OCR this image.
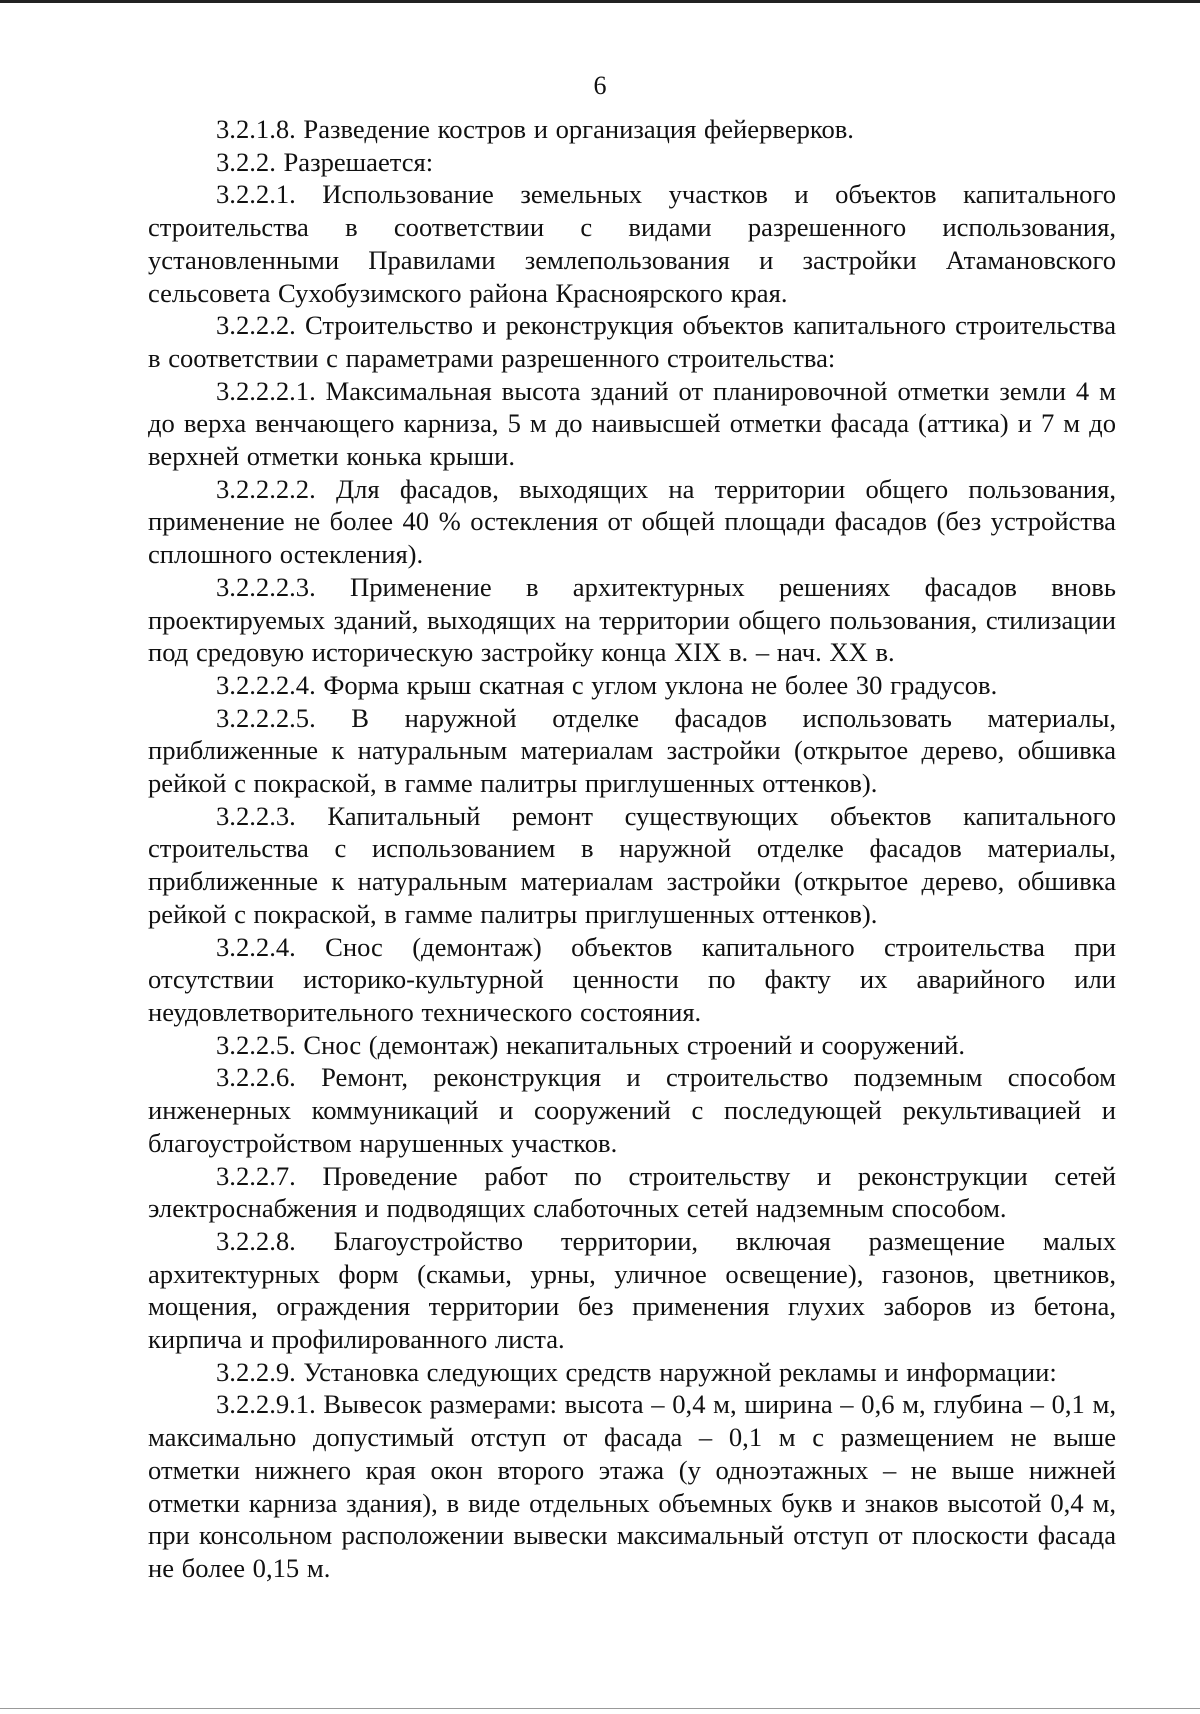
6

3.2.1.8. Разведение костров и организация фейерверков.

3.2.2. Разрешается:

3.2.2.1. Использование земельных участков и объектов капитального строительства в соответствии с видами разрешенного использования, установленными Правилами землепользования и застройки Атамановского сельсовета Сухобузимского района Красноярского края.

3.2.2.2. Строительство и реконструкция объектов капитального строительства в соответствии с параметрами разрешенного строительства:

3.2.2.2.1. Максимальная высота зданий от планировочной отметки земли 4 м до верха венчающего карниза, 5 м до наивысшей отметки фасада (аттика) и 7 м до верхней отметки конька крыши.

3.2.2.2.2. Для фасадов, выходящих на территории общего пользования, применение не более 40 % остекления от общей площади фасадов (без устройства сплошного остекления).

3.2.2.2.3. Применение в архитектурных решениях фасадов вновь проектируемых зданий, выходящих на территории общего пользования, стилизации под средовую историческую застройку конца XIX в. – нач. XX в.

3.2.2.2.4. Форма крыш скатная с углом уклона не более 30 градусов.

3.2.2.2.5. В наружной отделке фасадов использовать материалы, приближенные к натуральным материалам застройки (открытое дерево, обшивка рейкой с покраской, в гамме палитры приглушенных оттенков).

3.2.2.3. Капитальный ремонт существующих объектов капитального строительства с использованием в наружной отделке фасадов материалы, приближенные к натуральным материалам застройки (открытое дерево, обшивка рейкой с покраской, в гамме палитры приглушенных оттенков).

3.2.2.4. Снос (демонтаж) объектов капитального строительства при отсутствии историко-культурной ценности по факту их аварийного или неудовлетворительного технического состояния.

3.2.2.5. Снос (демонтаж) некапитальных строений и сооружений.

3.2.2.6. Ремонт, реконструкция и строительство подземным способом инженерных коммуникаций и сооружений с последующей рекультивацией и благоустройством нарушенных участков.

3.2.2.7. Проведение работ по строительству и реконструкции сетей электроснабжения и подводящих слаботочных сетей надземным способом.

3.2.2.8. Благоустройство территории, включая размещение малых архитектурных форм (скамьи, урны, уличное освещение), газонов, цветников, мощения, ограждения территории без применения глухих заборов из бетона, кирпича и профилированного листа.

3.2.2.9. Установка следующих средств наружной рекламы и информации:

3.2.2.9.1. Вывесок размерами: высота – 0,4 м, ширина – 0,6 м, глубина – 0,1 м, максимально допустимый отступ от фасада – 0,1 м с размещением не выше отметки нижнего края окон второго этажа (у одноэтажных – не выше нижней отметки карниза здания), в виде отдельных объемных букв и знаков высотой 0,4 м, при консольном расположении вывески максимальный отступ от плоскости фасада не более 0,15 м.
